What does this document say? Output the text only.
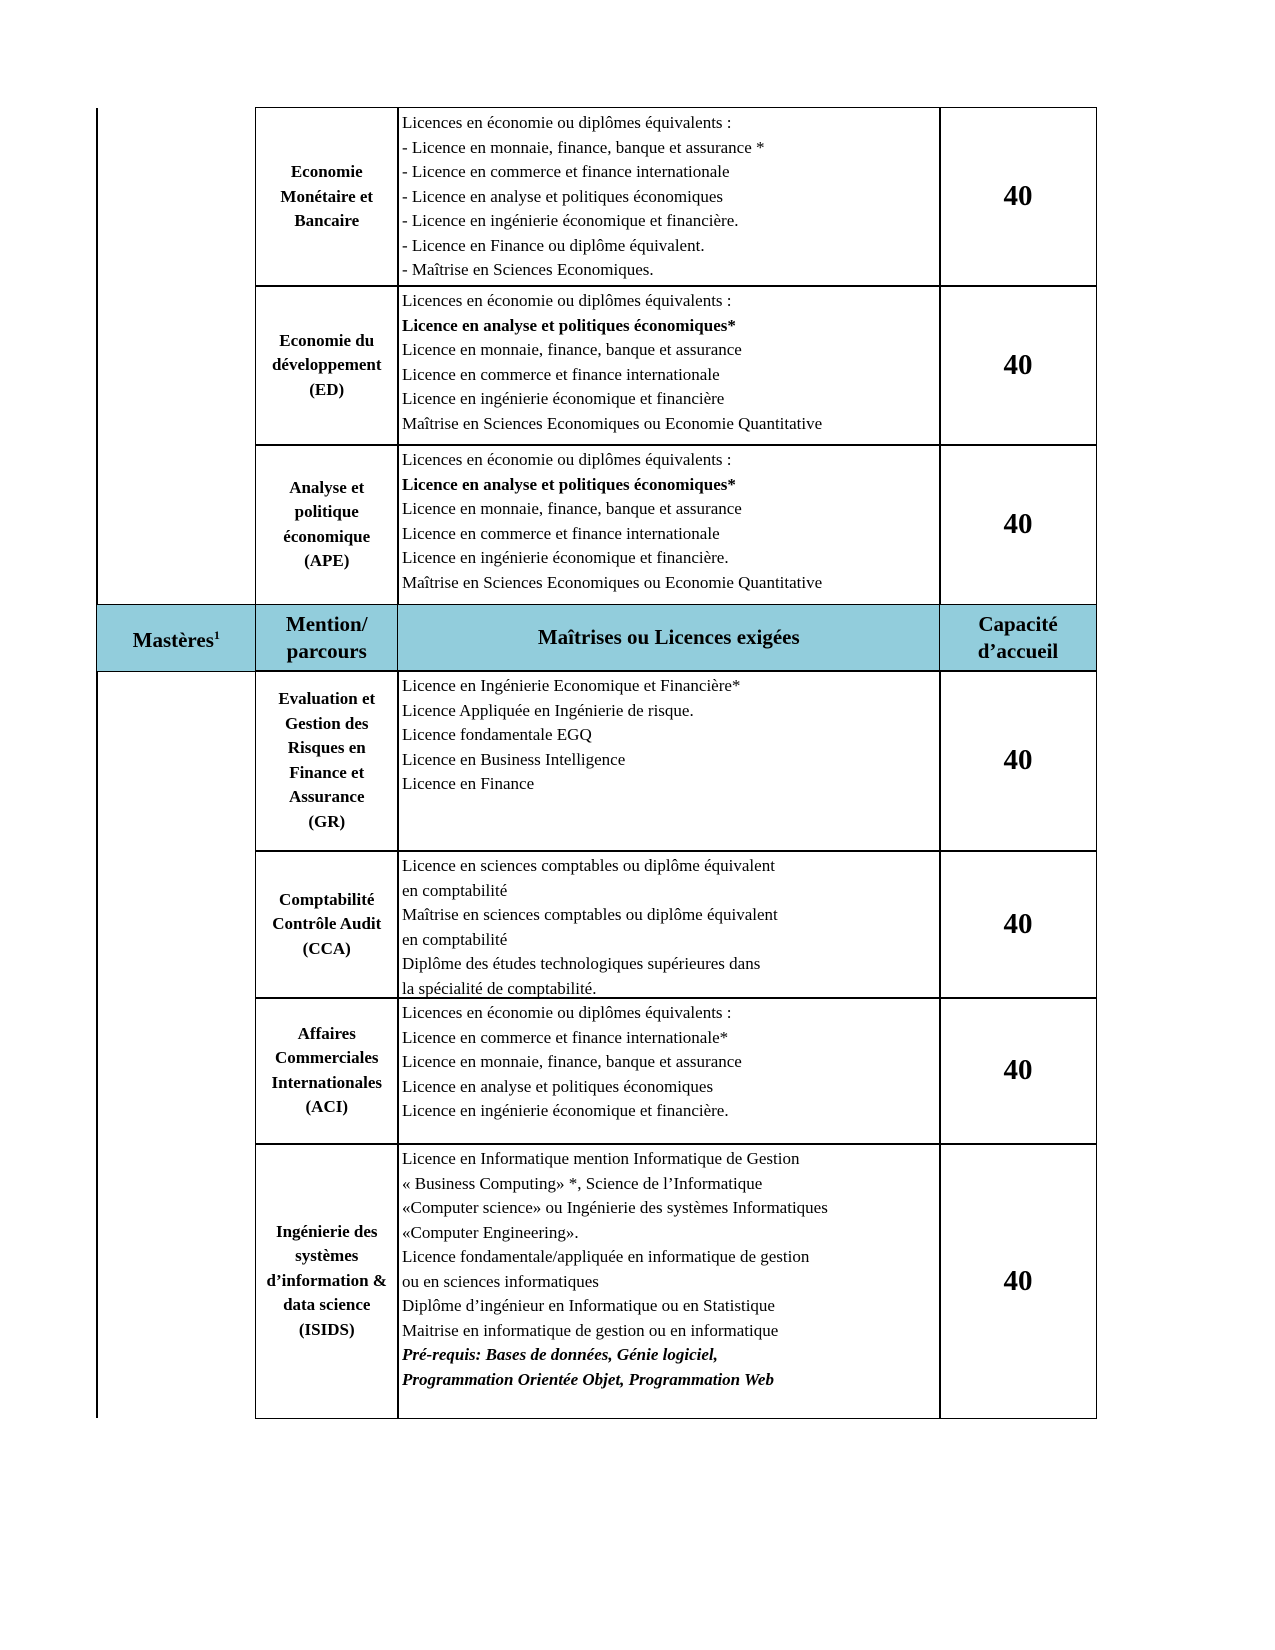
Economie
Monétaire et
Bancaire
Licences en économie ou diplômes équivalents :
- Licence en monnaie, finance, banque et assurance *
- Licence en commerce et finance internationale
- Licence en analyse et politiques économiques
- Licence en ingénierie économique et financière.
- Licence en Finance ou diplôme équivalent.
- Maîtrise en Sciences Economiques.
40
Economie du
développement
(ED)
Licences en économie ou diplômes équivalents :
Licence en analyse et politiques économiques*
Licence en monnaie, finance, banque et assurance
Licence en commerce et finance internationale
Licence en ingénierie économique et financière
Maîtrise en Sciences Economiques ou Economie Quantitative
40
Analyse et
politique
économique
(APE)
Licences en économie ou diplômes équivalents :
Licence en analyse et politiques économiques*
Licence en monnaie, finance, banque et assurance
Licence en commerce et finance internationale
Licence en ingénierie économique et financière.
Maîtrise en Sciences Economiques ou Economie Quantitative
40
Mastères$^1$	Mention/
parcours
Maîtrises ou Licences exigées
Capacité
d’accueil
Evaluation et
Gestion des
Risques en
Finance et
Assurance
(GR)
Licence en Ingénierie Economique et Financière*
Licence Appliquée en Ingénierie de risque.
Licence fondamentale EGQ
Licence en Business Intelligence
Licence en Finance
40
Comptabilité
Contrôle Audit
(CCA)
Licence en sciences comptables ou diplôme équivalent
en comptabilité
Maîtrise en sciences comptables ou diplôme équivalent
en comptabilité
Diplôme des études technologiques supérieures dans
la spécialité de comptabilité.
40
Affaires
Commerciales
Internationales
(ACI)
Licences en économie ou diplômes équivalents :
Licence en commerce et finance internationale*
Licence en monnaie, finance, banque et assurance
Licence en analyse et politiques économiques
Licence en ingénierie économique et financière.
40
Ingénierie des
systèmes
d’information &
data science
(ISIDS)
Licence en Informatique mention Informatique de Gestion
« Business Computing» *, Science de l’Informatique
«Computer science» ou Ingénierie des systèmes Informatiques
«Computer Engineering».
Licence fondamentale/appliquée en informatique de gestion
ou en sciences informatiques
Diplôme d’ingénieur en Informatique ou en Statistique
Maitrise en informatique de gestion ou en informatique
Pré-requis: Bases de données, Génie logiciel,
Programmation Orientée Objet, Programmation Web
40
